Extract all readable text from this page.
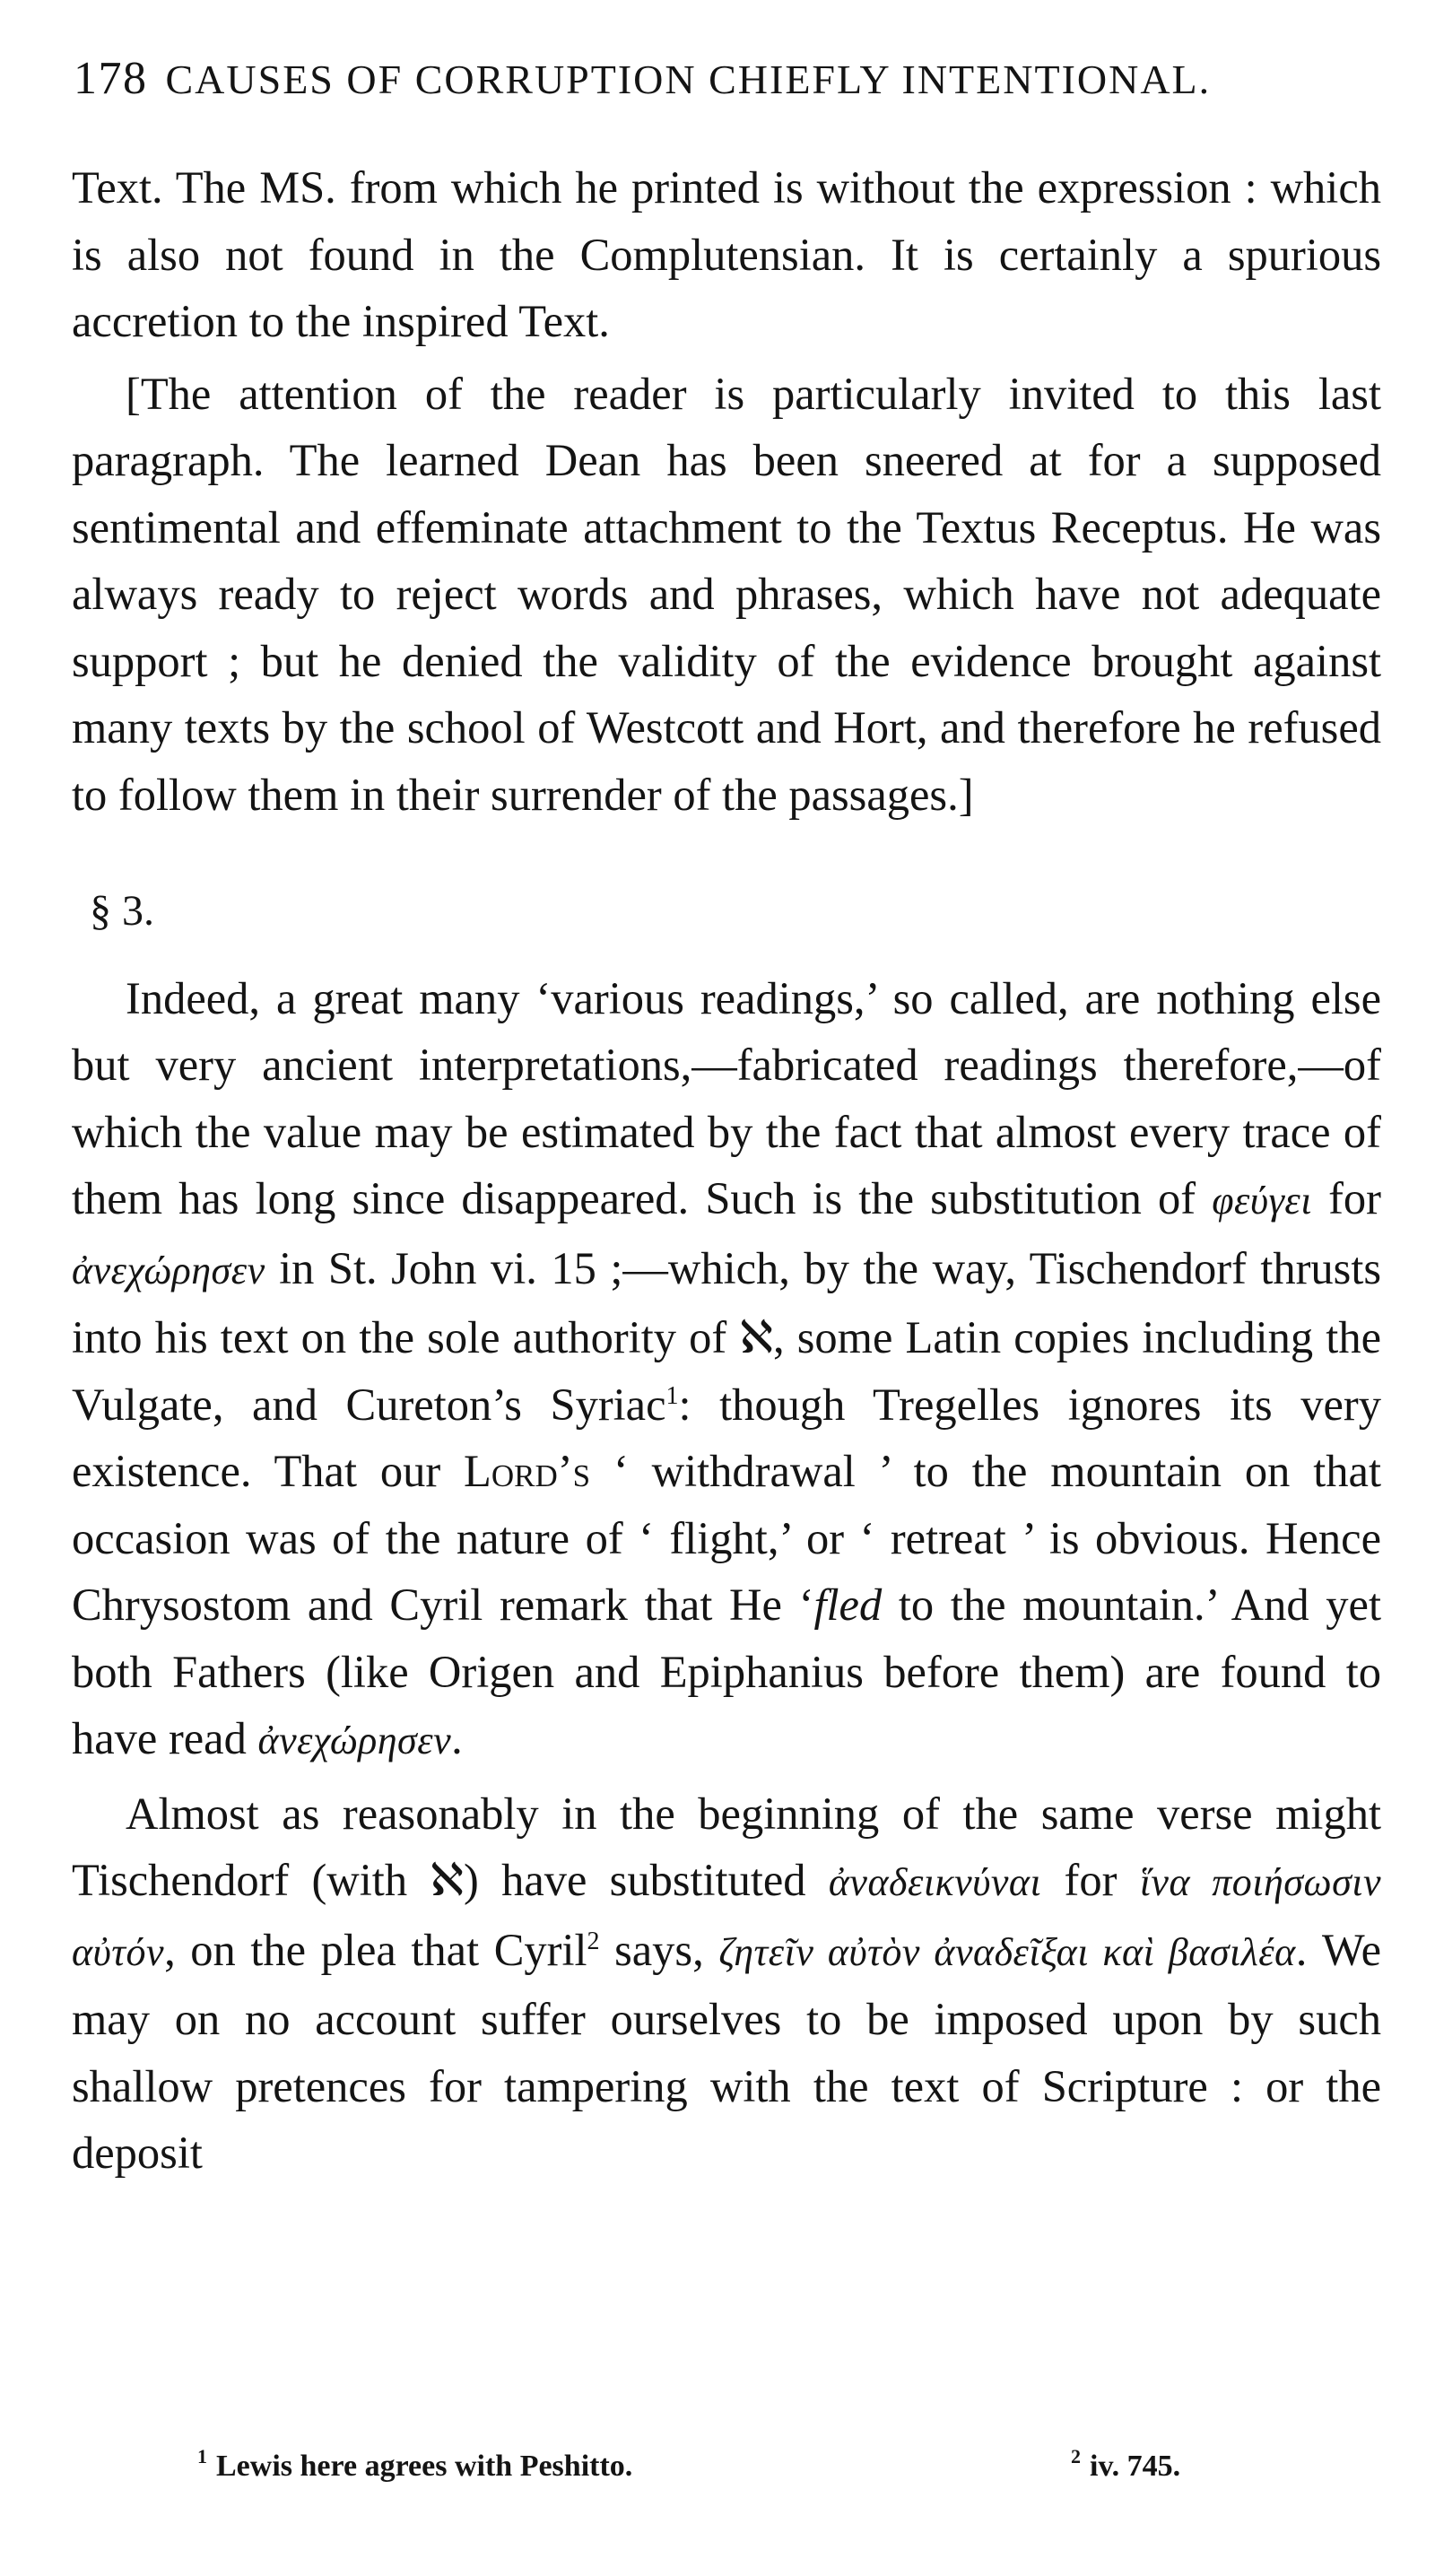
178 CAUSES OF CORRUPTION CHIEFLY INTENTIONAL.

Text. The MS. from which he printed is without the expression : which is also not found in the Complutensian. It is certainly a spurious accretion to the inspired Text.

[The attention of the reader is particularly invited to this last paragraph. The learned Dean has been sneered at for a supposed sentimental and effeminate attachment to the Textus Receptus. He was always ready to reject words and phrases, which have not adequate support ; but he denied the validity of the evidence brought against many texts by the school of Westcott and Hort, and therefore he refused to follow them in their surrender of the passages.]

§ 3.

Indeed, a great many ‘various readings,’ so called, are nothing else but very ancient interpretations,—fabricated readings therefore,—of which the value may be estimated by the fact that almost every trace of them has long since disappeared. Such is the substitution of φεύγει for ἀνεχώρησεν in St. John vi. 15 ;—which, by the way, Tischendorf thrusts into his text on the sole authority of ℵ, some Latin copies including the Vulgate, and Cureton’s Syriac$^1$: though Tregelles ignores its very existence. That our Lord’s ‘ withdrawal ’ to the mountain on that occasion was of the nature of ‘ flight,’ or ‘ retreat ’ is obvious. Hence Chrysostom and Cyril remark that He ‘fled to the mountain.’ And yet both Fathers (like Origen and Epiphanius before them) are found to have read ἀνεχώρησεν.

Almost as reasonably in the beginning of the same verse might Tischendorf (with ℵ) have substituted ἀναδεικνύναι for ἵνα ποιήσωσιν αὐτόν, on the plea that Cyril$^2$ says, ζητεῖν αὐτὸν ἀναδεῖξαι καὶ βασιλέα. We may on no account suffer ourselves to be imposed upon by such shallow pretences for tampering with the text of Scripture : or the deposit

$^1$ Lewis here agrees with Peshitto.	$^2$ iv. 745.
